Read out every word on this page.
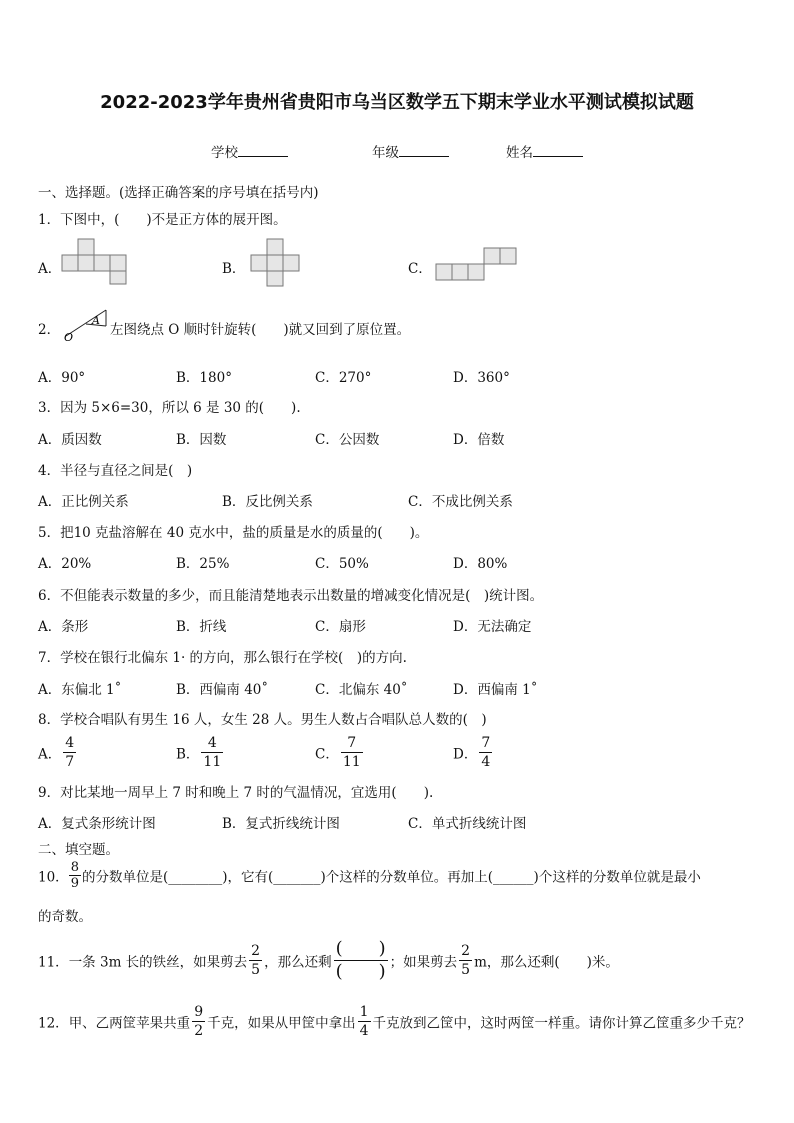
2022-2023学年贵州省贵阳市乌当区数学五下期末学业水平测试模拟试题
学校	年级	姓名
一、选择题。(选择正确答案的序号填在括号内)
1．下图中，(　　)不是正方体的展开图。
A．	B．	C．
2．
A
O	左图绕点 O 顺时针旋转(　　)就又回到了原位置。
A．90°	B．180°	C．270°	D．360°
3．因为 5×6=30，所以 6 是 30 的(　　).
A．质因数	B．因数	C．公因数	D．倍数
4．半径与直径之间是(　)
A．正比例关系	B．反比例关系	C．不成比例关系
5．把10 克盐溶解在 40 克水中，盐的质量是水的质量的(　　)。
A．20%	B．25%	C．50%	D．80%
6．不但能表示数量的多少，而且能清楚地表示出数量的增减变化情况是(　)统计图。
A．条形	B．折线	C．扇形	D．无法确定
7．学校在银行北偏东 1· 的方向，那么银行在学校(　)的方向.
A．东偏北 1˚	B．西偏南 40˚	C．北偏东 40˚	D．西偏南 1˚
8．学校合唱队有男生 16 人，女生 28 人。男生人数占合唱队总人数的(　)
A． $\frac{4}{7}$	B． $\frac{4}{11}$	C． $\frac{7}{11}$	D． $\frac{7}{4}$
9．对比某地一周早上 7 时和晚上 7 时的气温情况，宜选用(　　).
A．复式条形统计图	B．复式折线统计图	C．单式折线统计图
二、填空题。
10． $\frac{8}{9}$ 的分数单位是(________)，它有(_______)个这样的分数单位。再加上(______)个这样的分数单位就是最小
的奇数。
11．一条 3m 长的铁丝，如果剪去 $\frac{2}{5}$ ，那么还剩 $\frac{( )}{( )}$ ；如果剪去 $\frac{2}{5}$ m，那么还剩(　　)米。
12．甲、乙两筐苹果共重 $\frac{9}{2}$ 千克，如果从甲筐中拿出 $\frac{1}{4}$ 千克放到乙筐中，这时两筐一样重。请你计算乙筐重多少千克？
